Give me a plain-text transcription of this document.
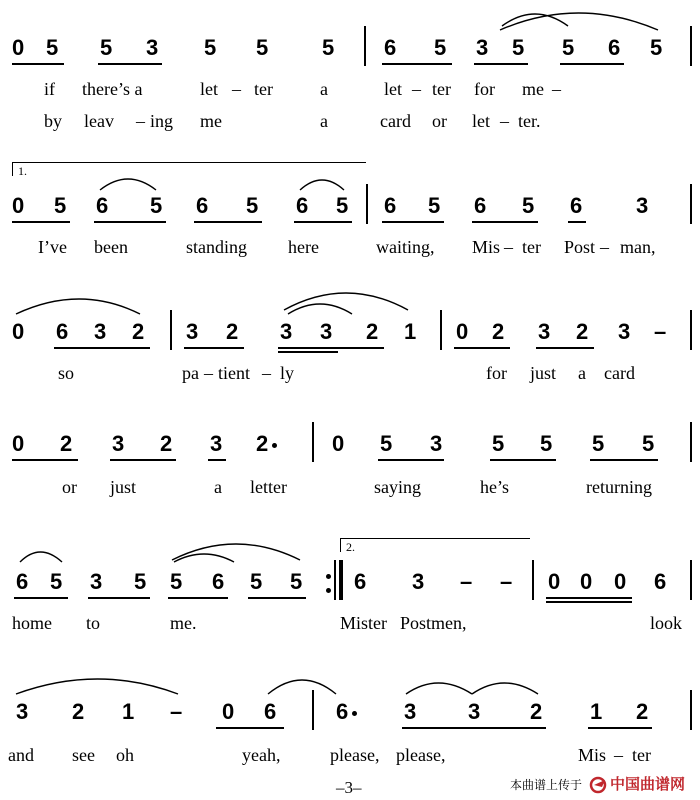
0 5 5 3 5 5 5 6 5 3 5 5 6 5
if there’s a	let – ter	a	let – ter for me –
by leav – ing me	a	card or let – ter.
1.
0 5 6 5 6 5 6 5 6 5 6 5 6 3
I’ve been	standing here	waiting, Mis – ter Post – man,
0 6 3 2 3 2 3 3 2 1 0 2 3 2 3 –
so	pa – tient – ly	for just a card
0 2 3 2 3 2	0 5 3 5 5 5 5
or just	a letter	saying	he’s	returning
2.
6 5 3 5 5 6 5 5 6 3 – – 0 0 0 6
home to	me.	Mister Postmen,	look
3 2 1 – 0 6	6	3 3 2 1 2
and see oh	yeah,	please, please,	Mis – ter
–3–	本曲谱上传于 中国曲谱网
